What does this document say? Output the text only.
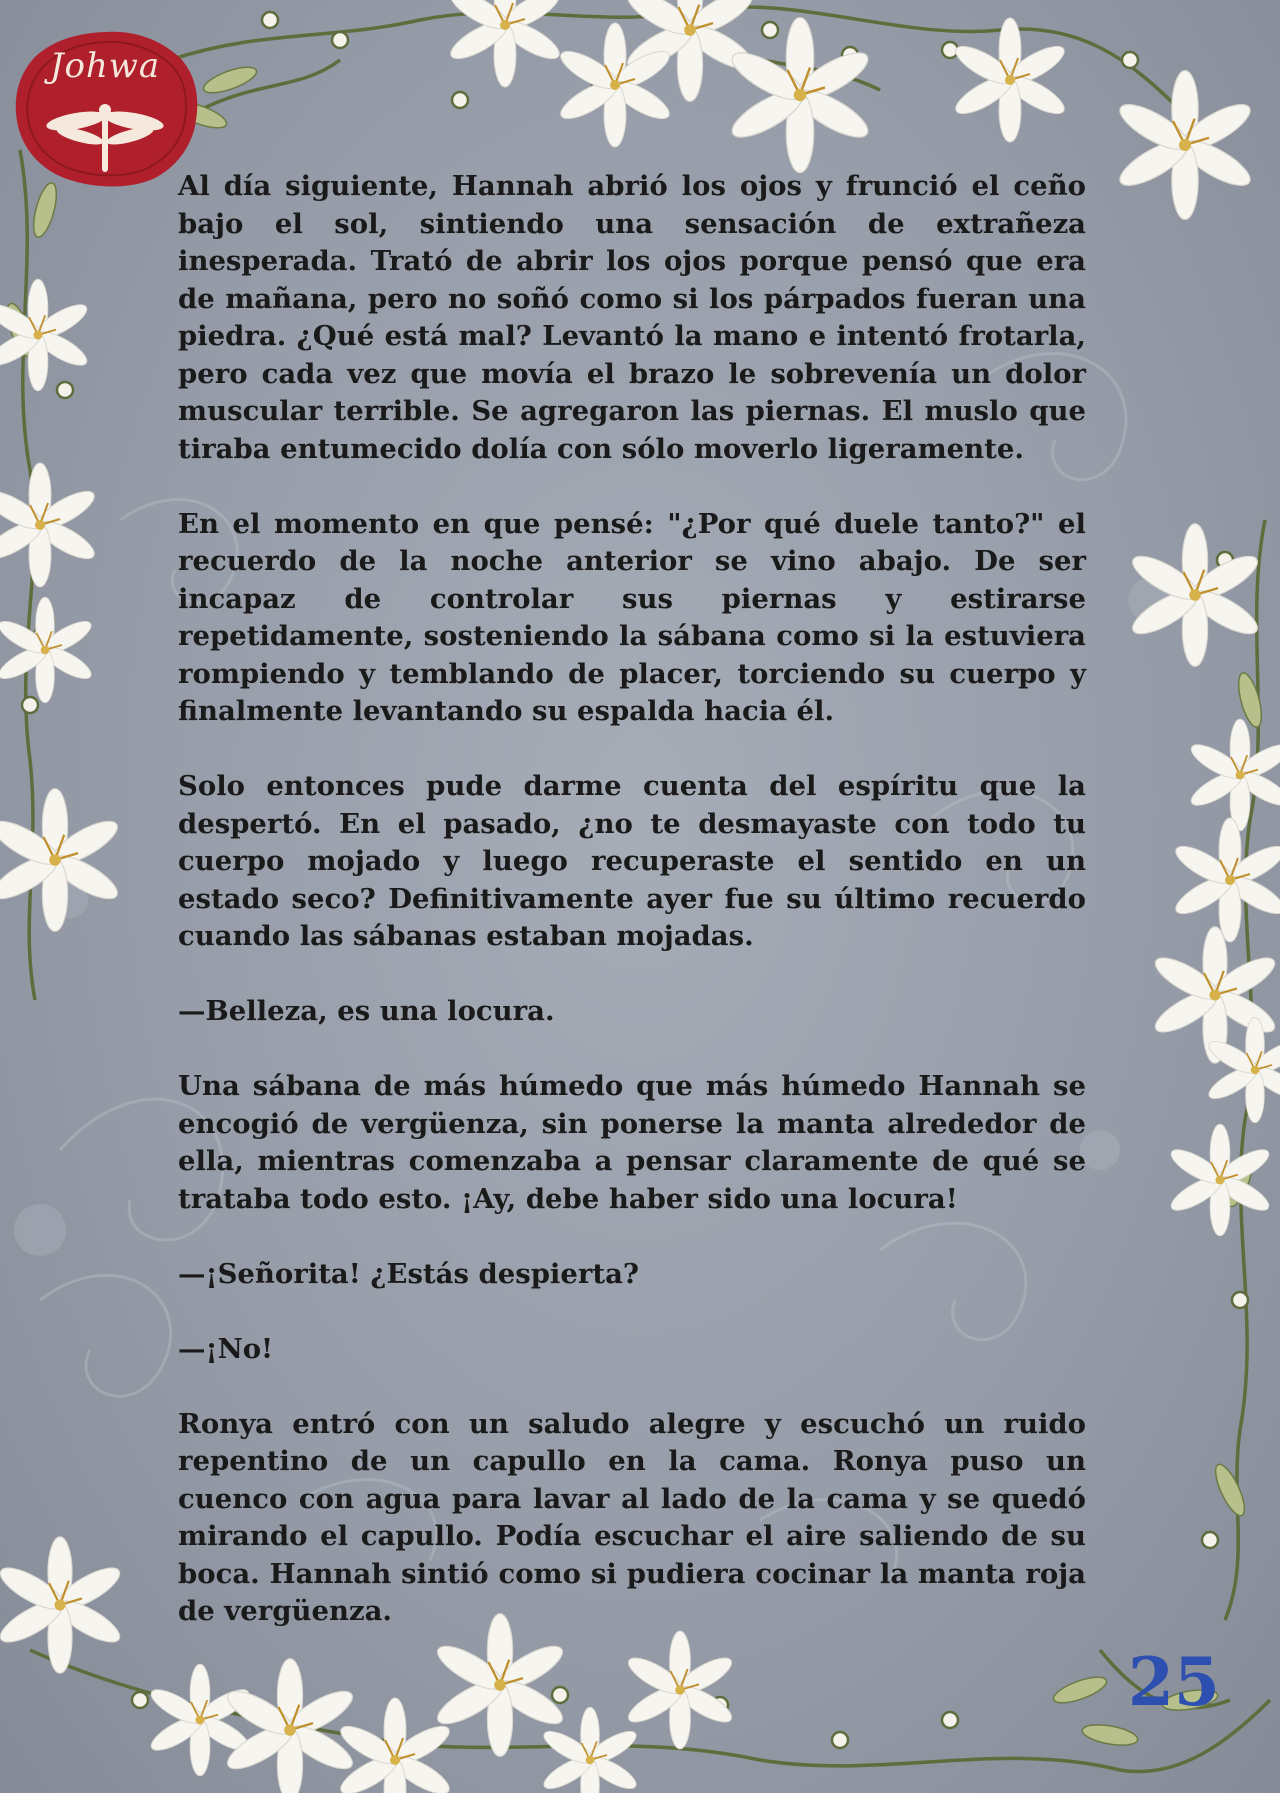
Johwa

Al día siguiente, Hannah abrió los ojos y frunció el ceño bajo el sol, sintiendo una sensación de extrañeza inesperada. Trató de abrir los ojos porque pensó que era de mañana, pero no soñó como si los párpados fueran una piedra. ¿Qué está mal? Levantó la mano e intentó frotarla, pero cada vez que movía el brazo le sobrevenía un dolor muscular terrible. Se agregaron las piernas. El muslo que tiraba entumecido dolía con sólo moverlo ligeramente.

En el momento en que pensé: "¿Por qué duele tanto?" el recuerdo de la noche anterior se vino abajo. De ser incapaz de controlar sus piernas y estirarse repetidamente, sosteniendo la sábana como si la estuviera rompiendo y temblando de placer, torciendo su cuerpo y finalmente levantando su espalda hacia él.

Solo entonces pude darme cuenta del espíritu que la despertó. En el pasado, ¿no te desmayaste con todo tu cuerpo mojado y luego recuperaste el sentido en un estado seco? Definitivamente ayer fue su último recuerdo cuando las sábanas estaban mojadas.

—Belleza, es una locura.

Una sábana de más húmedo que más húmedo Hannah se encogió de vergüenza, sin ponerse la manta alrededor de ella, mientras comenzaba a pensar claramente de qué se trataba todo esto. ¡Ay, debe haber sido una locura!

—¡Señorita! ¿Estás despierta?

—¡No!

Ronya entró con un saludo alegre y escuchó un ruido repentino de un capullo en la cama. Ronya puso un cuenco con agua para lavar al lado de la cama y se quedó mirando el capullo. Podía escuchar el aire saliendo de su boca. Hannah sintió como si pudiera cocinar la manta roja de vergüenza.

25
